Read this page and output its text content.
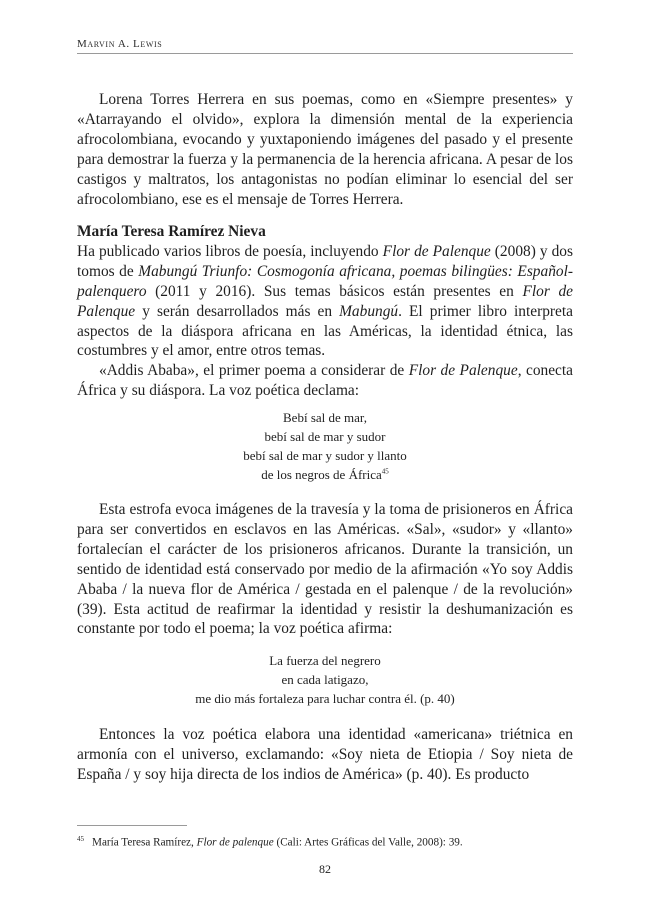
Marvin A. Lewis

Lorena Torres Herrera en sus poemas, como en «Siempre presentes» y «Atarrayando el olvido», explora la dimensión mental de la experiencia afrocolombiana, evocando y yuxtaponiendo imágenes del pasado y el presente para demostrar la fuerza y la permanencia de la herencia africana. A pesar de los castigos y maltratos, los antagonistas no podían eliminar lo esencial del ser afrocolombiano, ese es el mensaje de Torres Herrera.

María Teresa Ramírez Nieva
Ha publicado varios libros de poesía, incluyendo Flor de Palenque (2008) y dos tomos de Mabungú Triunfo: Cosmogonía africana, poemas bilingües: Español-palenquero (2011 y 2016). Sus temas básicos están presentes en Flor de Palenque y serán desarrollados más en Mabungú. El primer libro interpreta aspectos de la diáspora africana en las Américas, la identidad étnica, las costumbres y el amor, entre otros temas.
«Addis Ababa», el primer poema a considerar de Flor de Palenque, conecta África y su diáspora. La voz poética declama:
Bebí sal de mar,
bebí sal de mar y sudor
bebí sal de mar y sudor y llanto
de los negros de África$^{45}$

Esta estrofa evoca imágenes de la travesía y la toma de prisioneros en África para ser convertidos en esclavos en las Américas. «Sal», «sudor» y «llanto» fortalecían el carácter de los prisioneros africanos. Durante la transición, un sentido de identidad está conservado por medio de la afirmación «Yo soy Addis Ababa / la nueva flor de América / gestada en el palenque / de la revolución» (39). Esta actitud de reafirmar la identidad y resistir la deshumanización es constante por todo el poema; la voz poética afirma:

La fuerza del negrero
en cada latigazo,
me dio más fortaleza para luchar contra él. (p. 40)

Entonces la voz poética elabora una identidad «americana» triétnica en armonía con el universo, exclamando: «Soy nieta de Etiopia / Soy nieta de España / y soy hija directa de los indios de América» (p. 40). Es producto

$^{45}$ María Teresa Ramírez, Flor de palenque (Cali: Artes Gráficas del Valle, 2008): 39.

82
